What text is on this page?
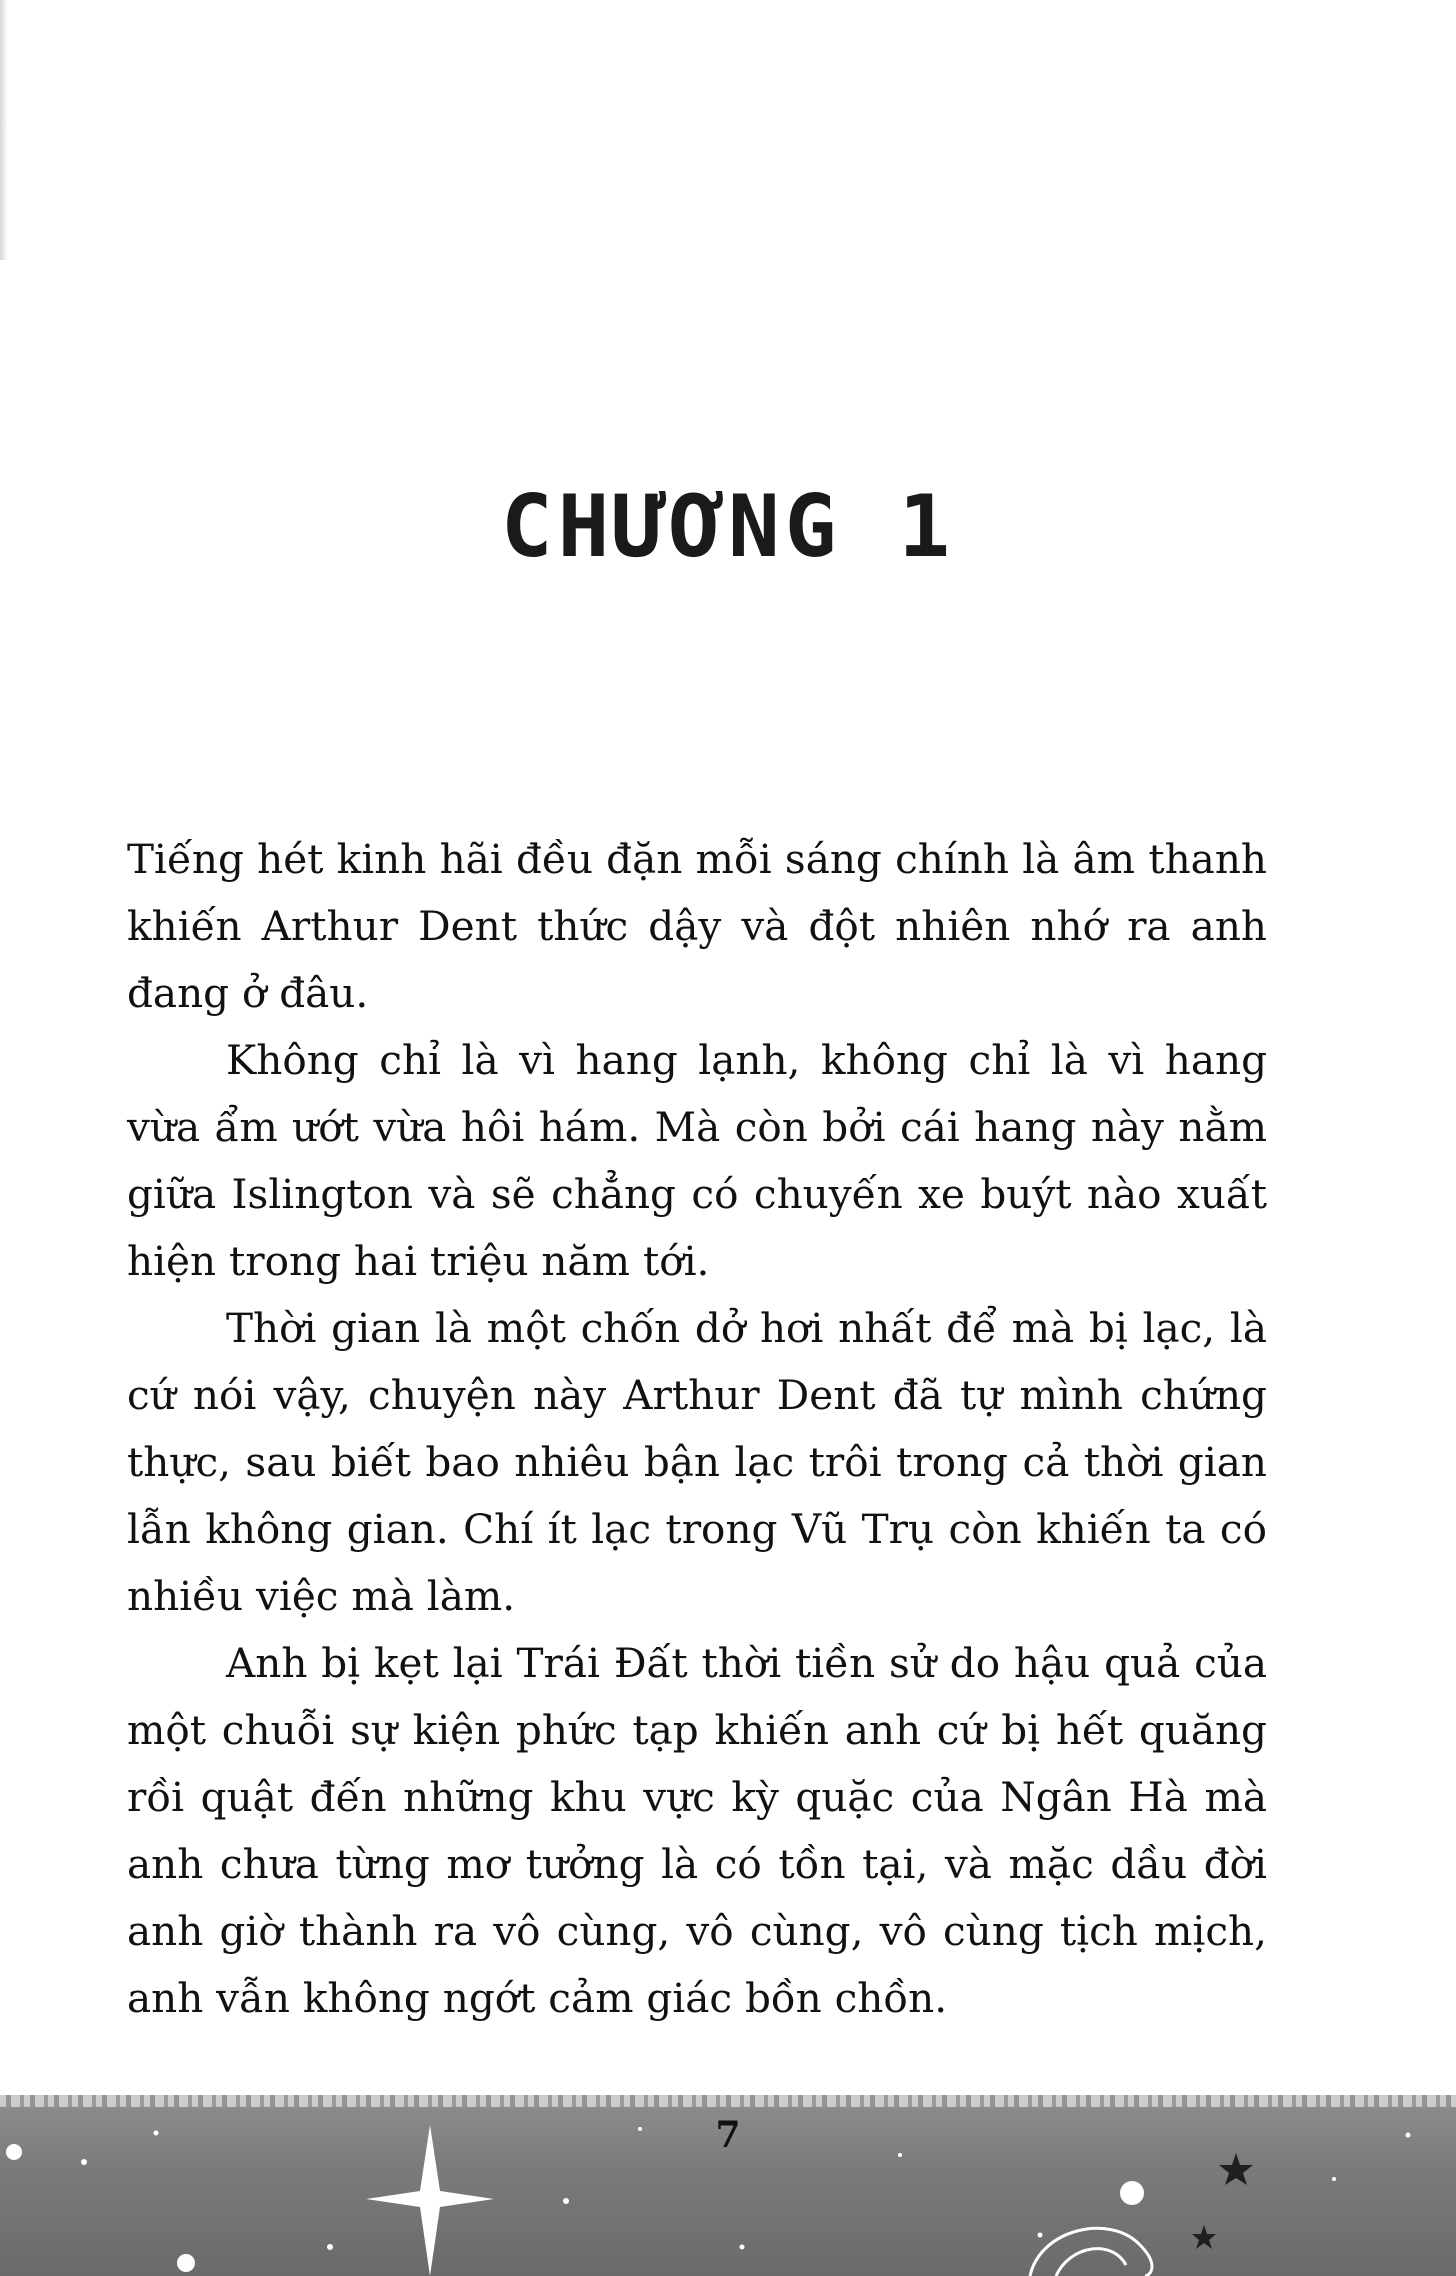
CHƯƠNG 1

Tiếng hét kinh hãi đều đặn mỗi sáng chính là âm thanh khiến Arthur Dent thức dậy và đột nhiên nhớ ra anh đang ở đâu.

Không chỉ là vì hang lạnh, không chỉ là vì hang vừa ẩm ướt vừa hôi hám. Mà còn bởi cái hang này nằm giữa Islington và sẽ chẳng có chuyến xe buýt nào xuất hiện trong hai triệu năm tới.

Thời gian là một chốn dở hơi nhất để mà bị lạc, là cứ nói vậy, chuyện này Arthur Dent đã tự mình chứng thực, sau biết bao nhiêu bận lạc trôi trong cả thời gian lẫn không gian. Chí ít lạc trong Vũ Trụ còn khiến ta có nhiều việc mà làm.

Anh bị kẹt lại Trái Đất thời tiền sử do hậu quả của một chuỗi sự kiện phức tạp khiến anh cứ bị hết quăng rồi quật đến những khu vực kỳ quặc của Ngân Hà mà anh chưa từng mơ tưởng là có tồn tại, và mặc dầu đời anh giờ thành ra vô cùng, vô cùng, vô cùng tịch mịch, anh vẫn không ngớt cảm giác bồn chồn.

7
